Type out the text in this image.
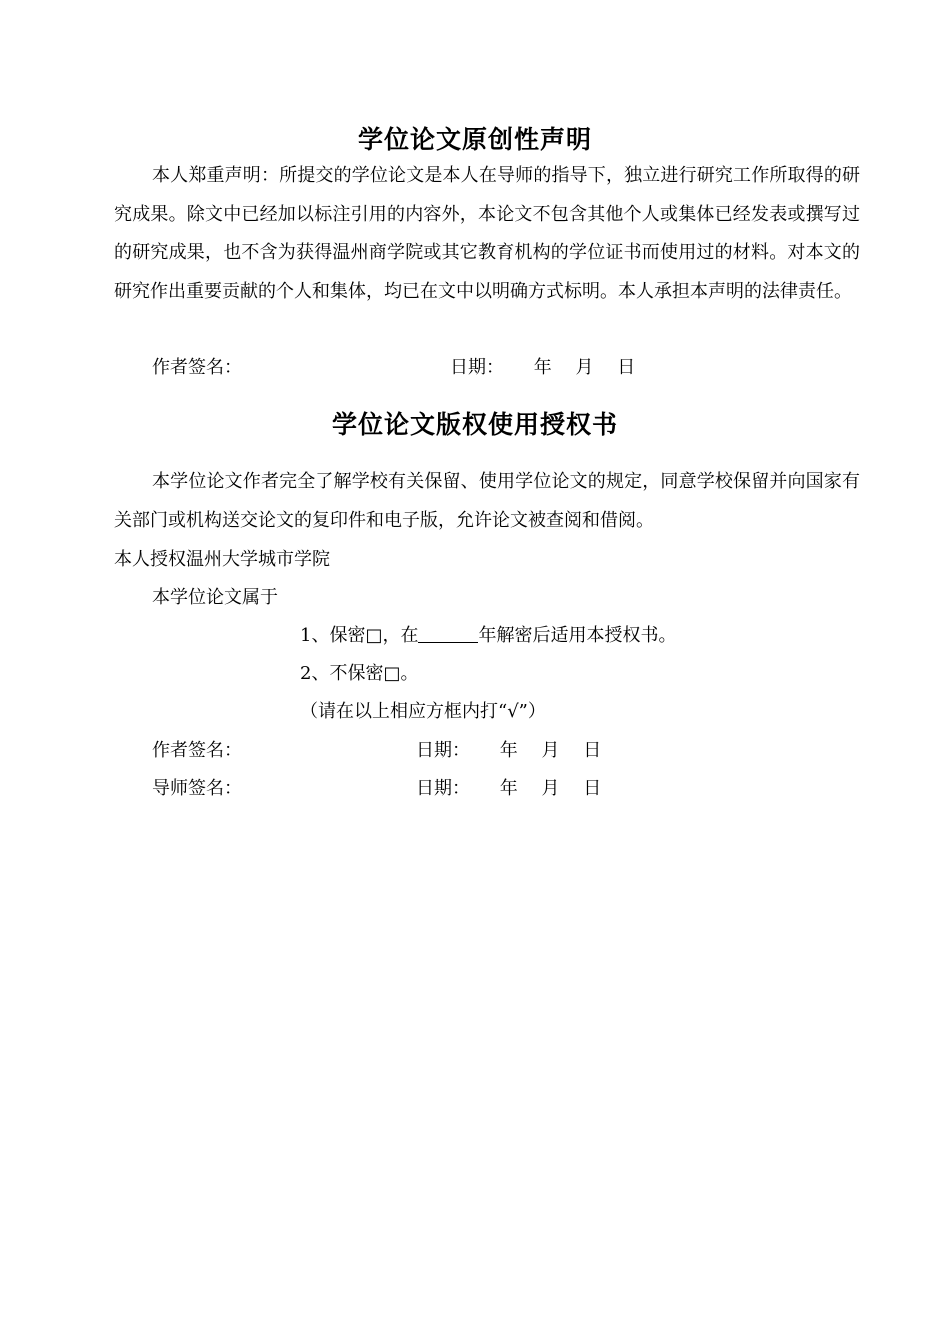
学位论文原创性声明
本人郑重声明：所提交的学位论文是本人在导师的指导下，独立进行研究工作所取得的研究成果。除文中已经加以标注引用的内容外，本论文不包含其他个人或集体已经发表或撰写过的研究成果，也不含为获得温州商学院或其它教育机构的学位证书而使用过的材料。对本文的研究作出重要贡献的个人和集体，均已在文中以明确方式标明。本人承担本声明的法律责任。
作者签名：	日期： 年 月 日
学位论文版权使用授权书
本学位论文作者完全了解学校有关保留、使用学位论文的规定，同意学校保留并向国家有关部门或机构送交论文的复印件和电子版，允许论文被查阅和借阅。
本人授权温州大学城市学院
本学位论文属于
1、保密□，在	年解密后适用本授权书。
2、不保密□。
（请在以上相应方框内打“√”）
作者签名：	日期： 年 月 日
导师签名：	日期： 年 月 日
